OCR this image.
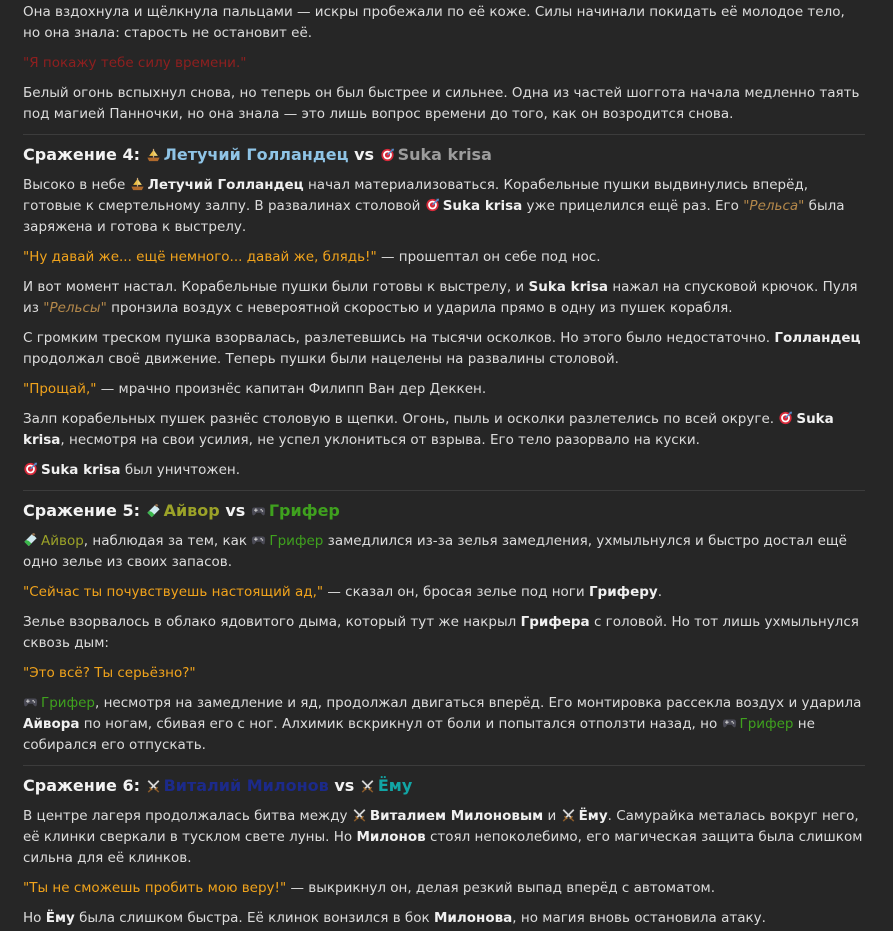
Она вздохнула и щёлкнула пальцами — искры пробежали по её коже. Силы начинали покидать её молодое тело, но она знала: старость не остановит её.

"Я покажу тебе силу времени."

Белый огонь вспыхнул снова, но теперь он был быстрее и сильнее. Одна из частей шоггота начала медленно таять под магией Панночки, но она знала — это лишь вопрос времени до того, как он возродится снова.

Сражение 4: Летучий Голландец vs Suka krisa

Высоко в небе Летучий Голландец начал материализоваться. Корабельные пушки выдвинулись вперёд, готовые к смертельному залпу. В развалинах столовой Suka krisa уже прицелился ещё раз. Его "Рельса" была заряжена и готова к выстрелу.

"Ну давай же... ещё немного... давай же, блядь!" — прошептал он себе под нос.

И вот момент настал. Корабельные пушки были готовы к выстрелу, и Suka krisa нажал на спусковой крючок. Пуля из "Рельсы" пронзила воздух с невероятной скоростью и ударила прямо в одну из пушек корабля.

С громким треском пушка взорвалась, разлетевшись на тысячи осколков. Но этого было недостаточно. Голландец продолжал своё движение. Теперь пушки были нацелены на развалины столовой.

"Прощай," — мрачно произнёс капитан Филипп Ван дер Деккен.

Залп корабельных пушек разнёс столовую в щепки. Огонь, пыль и осколки разлетелись по всей округе. Suka krisa, несмотря на свои усилия, не успел уклониться от взрыва. Его тело разорвало на куски.

Suka krisa был уничтожен.

Сражение 5: Айвор vs Грифер

Айвор, наблюдая за тем, как Грифер замедлился из-за зелья замедления, ухмыльнулся и быстро достал ещё одно зелье из своих запасов.

"Сейчас ты почувствуешь настоящий ад," — сказал он, бросая зелье под ноги Гриферу.

Зелье взорвалось в облако ядовитого дыма, который тут же накрыл Грифера с головой. Но тот лишь ухмыльнулся сквозь дым:

"Это всё? Ты серьёзно?"

Грифер, несмотря на замедление и яд, продолжал двигаться вперёд. Его монтировка рассекла воздух и ударила Айвора по ногам, сбивая его с ног. Алхимик вскрикнул от боли и попытался отползти назад, но Грифер не собирался его отпускать.

Сражение 6: Виталий Милонов vs Ёму

В центре лагеря продолжалась битва между Виталием Милоновым и Ёму. Самурайка металась вокруг него, её клинки сверкали в тусклом свете луны. Но Милонов стоял непоколебимо, его магическая защита была слишком сильна для её клинков.

"Ты не сможешь пробить мою веру!" — выкрикнул он, делая резкий выпад вперёд с автоматом.

Но Ёму была слишком быстра. Её клинок вонзился в бок Милонова, но магия вновь остановила атаку.
